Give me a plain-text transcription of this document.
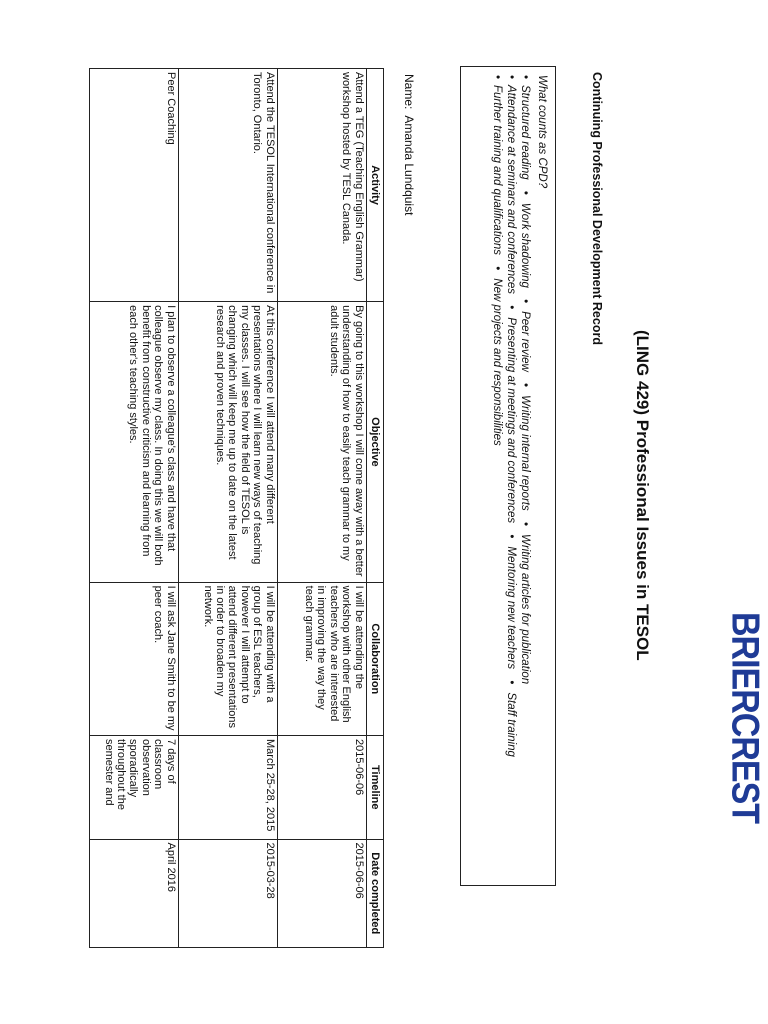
BRIERCREST
(LING 429) Professional Issues in TESOL
Continuing Professional Development Record
What counts as CPD?
•Structured reading •Work shadowing •Peer review •Writing internal reports •Writing articles for publication
•Attendance at seminars and conferences •Presenting at meetings and conferences •Mentoring new teachers •Staff training
•Further training and qualifications •New projects and responsibilities
Name:Amanda Lundquist
Activity	Objective	Collaboration	Timeline	Date completed
Attend a TEG (Teaching English Grammar) workshop hosted by TESL Canada.	By going to this workshop I will come away with a better understanding of how to easily teach grammar to my adult students.	I will be attending the workshop with other English teachers who are interested in improving the way they teach grammar.	2015-06-06	2015-06-06
Attend the TESOL International conference in Toronto, Ontario.	At this conference I will attend many different presentations where I will learn new ways of teaching my classes. I will see how the field of TESOL is changing which will keep me up to date on the latest research and proven techniques.	I will be attending with a group of ESL teachers, however I will attempt to attend different presentations in order to broaden my network.	March 25-28, 2015	2015-03-28
Peer Coaching	I plan to observe a colleague's class and have that colleague observe my class. In doing this we will both benefit from constructive criticism and learning from each other's teaching styles.	I will ask Jane Smith to be my peer coach.	7 days of classroom observation sporadically throughout the semester and	April 2016
